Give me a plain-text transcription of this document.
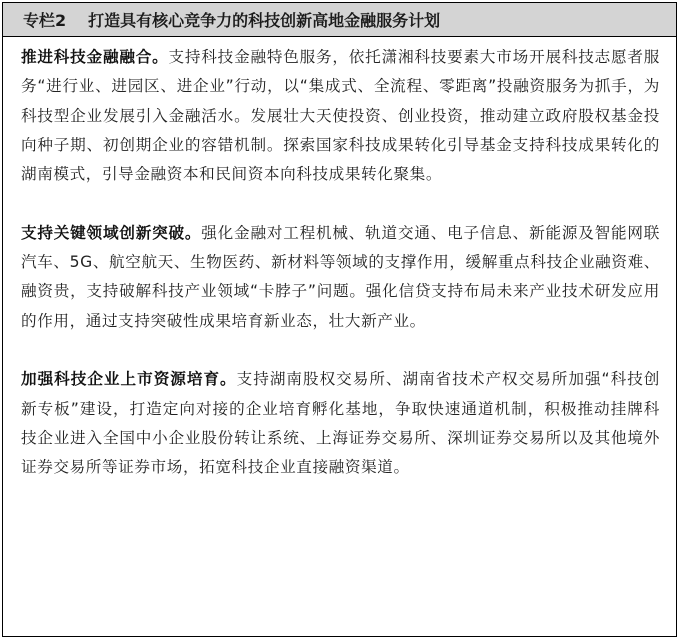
专栏2 打造具有核心竞争力的科技创新高地金融服务计划

推进科技金融融合。支持科技金融特色服务，依托潇湘科技要素大市场开展科技志愿者服务“进行业、进园区、进企业”行动，以“集成式、全流程、零距离”投融资服务为抓手，为科技型企业发展引入金融活水。发展壮大天使投资、创业投资，推动建立政府股权基金投向种子期、初创期企业的容错机制。探索国家科技成果转化引导基金支持科技成果转化的湖南模式，引导金融资本和民间资本向科技成果转化聚集。

支持关键领域创新突破。强化金融对工程机械、轨道交通、电子信息、新能源及智能网联汽车、5G、航空航天、生物医药、新材料等领域的支撑作用，缓解重点科技企业融资难、融资贵，支持破解科技产业领域“卡脖子”问题。强化信贷支持布局未来产业技术研发应用的作用，通过支持突破性成果培育新业态，壮大新产业。

加强科技企业上市资源培育。支持湖南股权交易所、湖南省技术产权交易所加强“科技创新专板”建设，打造定向对接的企业培育孵化基地，争取快速通道机制，积极推动挂牌科技企业进入全国中小企业股份转让系统、上海证券交易所、深圳证券交易所以及其他境外证券交易所等证券市场，拓宽科技企业直接融资渠道。
